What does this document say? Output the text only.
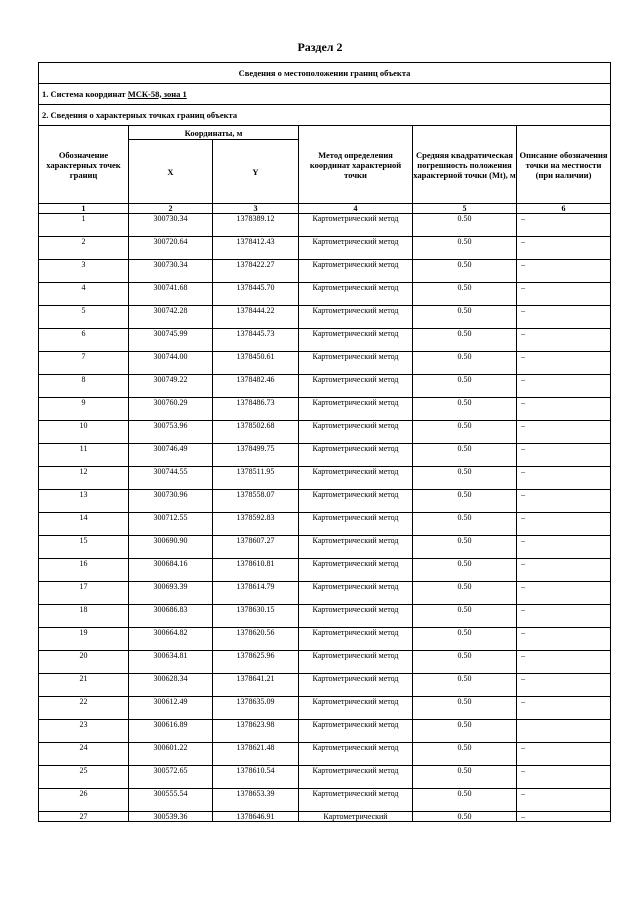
Раздел 2
Сведения о местоположении границ объекта					
1. Система координат МСК-58, зона 1					
2. Сведения о характерных точках границ объекта					
Обозначение характерных точек границ	Координаты, м		Метод определения координат характерной точки	Средняя квадратическая погрешность положения характерной точки (Mt), м	Описание обозначения точки на местности (при наличии)
	X	Y			
1	2	3	4	5	6
1	300730.34	1378389.12	Картометрический метод	0.50	–
2	300720.64	1378412.43	Картометрический метод	0.50	–
3	300730.34	1378422.27	Картометрический метод	0.50	–
4	300741.68	1378445.70	Картометрический метод	0.50	–
5	300742.28	1378444.22	Картометрический метод	0.50	–
6	300745.99	1378445.73	Картометрический метод	0.50	–
7	300744.00	1378450.61	Картометрический метод	0.50	–
8	300749.22	1378482.46	Картометрический метод	0.50	–
9	300760.29	1378486.73	Картометрический метод	0.50	–
10	300753.96	1378502.68	Картометрический метод	0.50	–
11	300746.49	1378499.75	Картометрический метод	0.50	–
12	300744.55	1378511.95	Картометрический метод	0.50	–
13	300730.96	1378558.07	Картометрический метод	0.50	–
14	300712.55	1378592.83	Картометрический метод	0.50	–
15	300690.90	1378607.27	Картометрический метод	0.50	–
16	300684.16	1378610.81	Картометрический метод	0.50	–
17	300693.39	1378614.79	Картометрический метод	0.50	–
18	300686.83	1378630.15	Картометрический метод	0.50	–
19	300664.82	1378620.56	Картометрический метод	0.50	–
20	300634.81	1378625.96	Картометрический метод	0.50	–
21	300628.34	1378641.21	Картометрический метод	0.50	–
22	300612.49	1378635.09	Картометрический метод	0.50	–
23	300616.89	1378623.98	Картометрический метод	0.50	
24	300601.22	1378621.48	Картометрический метод	0.50	–
25	300572.65	1378610.54	Картометрический метод	0.50	–
26	300555.54	1378653.39	Картометрический метод	0.50	–
27	300539.36	1378646.91	Картометрический	0.50	–
